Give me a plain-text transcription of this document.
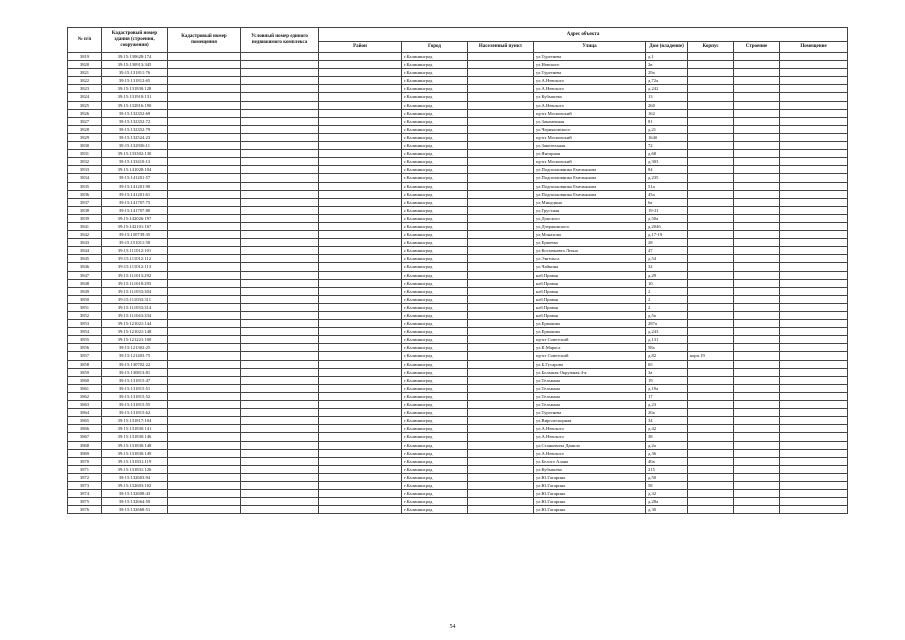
№ п/п	Кадастровый номер здания (строения, сооружения)	Кадастровый номер помещения	Условный номер единого недвижимого комплекса	Адрес объекта							
				Район	Город	Населенный пункт	Улица	Дом (владение)	Корпус	Строение	Помещение
3819	39:15:130628:174				г.Калининград		ул.Тургенева	д.1			
3820	39:15:130913:345				г.Калининград		ул.Невского	2в			
3821	39:15:131811:76				г.Калининград		ул.Тургенева	29а			
3822	39:15:131812:65				г.Калининград		ул.А.Невского	д.72а			
3823	39:15:131830:128				г.Калининград		ул.А.Невского	д.242			
3824	39:15:131910:131				г.Калининград		ул.Кубышева	13			
3825	39:15:132816:190				г.Калининград		ул.А.Невского	260			
3826	39:15:132352:69				г.Калининград		пр-кт Московский	162			
3827	39:15:132352:72				г.Калининград		ул.Закаменная	81			
3828	39:15:132352:79				г.Калининград		ул.Черняховского	д.21			
3829	39:15:132524:23				г.Калининград		пр-кт Московский	164б			
3830	39:15:132936:11				г.Калининград		ул.Закотельная	72			
3831	39:15:133302:130				г.Калининград		ул.Янтарная	д.68			
3832	39:15:133410:13				г.Калининград		пр-кт Московский	д.303			
3833	39:15:141028:104				г.Калининград		ул.Подполковника Емельянова	84			
3834	39:15:141201:57				г.Калининград		ул.Подполковника Емельянова	д.235			
3835	39:15:141201:90				г.Калининград		ул.Подполковника Емельянова	51а			
3836	39:15:141201:61				г.Калининград		ул.Подполковника Емельянова	45а			
3837	39:15:141707:75				г.Калининград		ул.Минудина	6а			
3838	39:15:141707:80				г.Калининград		ул.Грустная	19-21			
3839	39:15:142026:197				г.Калининград		ул.Донского	д.50а			
3841	39:15:142101:167				г.Калининград		ул.Дзержинского	д.204б			
3842	39:15:150739:35				г.Калининград		ул.Монахова	д.17-19			
3843	39:15:151011:58				г.Калининград		ул.Ермеева	28			
3844	39:15:111012:101				г.Калининград		ул.Космонавта Леона	47			
3845	39:15:111012:112				г.Калининград		ул.Энгельса	д.54			
3846	39:15:111012:113				г.Калининград		ул.Чайкина	32			
3847	39:15:111013:292				г.Калининград		наб.Правая	д.29			
3848	39:15:111018:293				г.Калининград		наб.Правая	10			
3849	39:15:111033:304				г.Калининград		наб.Правая	2			
3850	39:15:111033:311				г.Калининград		наб.Правая	2			
3851	39:15:111033:314				г.Калининград		наб.Правая	2			
3852	39:15:111043:334				г.Калининград		наб.Правая	д.5а			
3853	39:15:121021:144				г.Калининград		ул.Ермакова	287а			
3854	39:15:121021:148				г.Калининград		ул.Ермакова	д.243			
3855	39:15:121221:100				г.Калининград		пр-кт Советский	д.131			
3856	39:15:121302:25				г.Калининград		ул.К.Маркса	58а			
3857	39:15:121403:75				г.Калининград		пр-кт Советский	д.82	корп.19		
3858	39:15:130702:22				г.Калининград		ул.Б.Гусарова	65			
3859	39:15:130813:81				г.Калининград		ул.Большая Окружная 4-я	3а			
3860	39:15:131815:47				г.Калининград		ул.Тельмана	19			
3861	39:15:131815:51				г.Калининград		ул.Тельмана	д.19а			
3862	39:15:131815:52				г.Калининград		ул.Тельмана	17			
3863	39:15:131815:55				г.Калининград		ул.Тельмана	д.23			
3864	39:15:131815:62				г.Калининград		ул.Тургенева	20а			
3865	39:15:131817:104				г.Калининград		ул.Виролескорная	34			
3866	39:15:131830:141				г.Калининград		ул.А.Невского	д.42			
3867	39:15:131830:146				г.Калининград		ул.А.Невского	38			
3868	39:15:131830:148				г.Калининград		ул.Станкевича Данила	д.2а			
3869	39:15:131830:149				г.Калининград		ул.А.Невского	д.36			
3870	39:15:131831:119				г.Калининград		ул.Белого Алана	40а			
3871	39:15:131831:126				г.Калининград		ул.Кубышева	215			
3872	39:15:132603:94				г.Калининград		ул.Ю.Гагарина	д.50			
3873	39:15:132603:102				г.Калининград		ул.Ю.Гагарина	58			
3874	39:15:132608:43				г.Калининград		ул.Ю.Гагарина	д.32			
3875	39:15:132664:50				г.Калининград		ул.Ю.Гагарина	д.28а			
3876	39:15:132668:51				г.Калининград		ул.Ю.Гагарина	д.30			
54
